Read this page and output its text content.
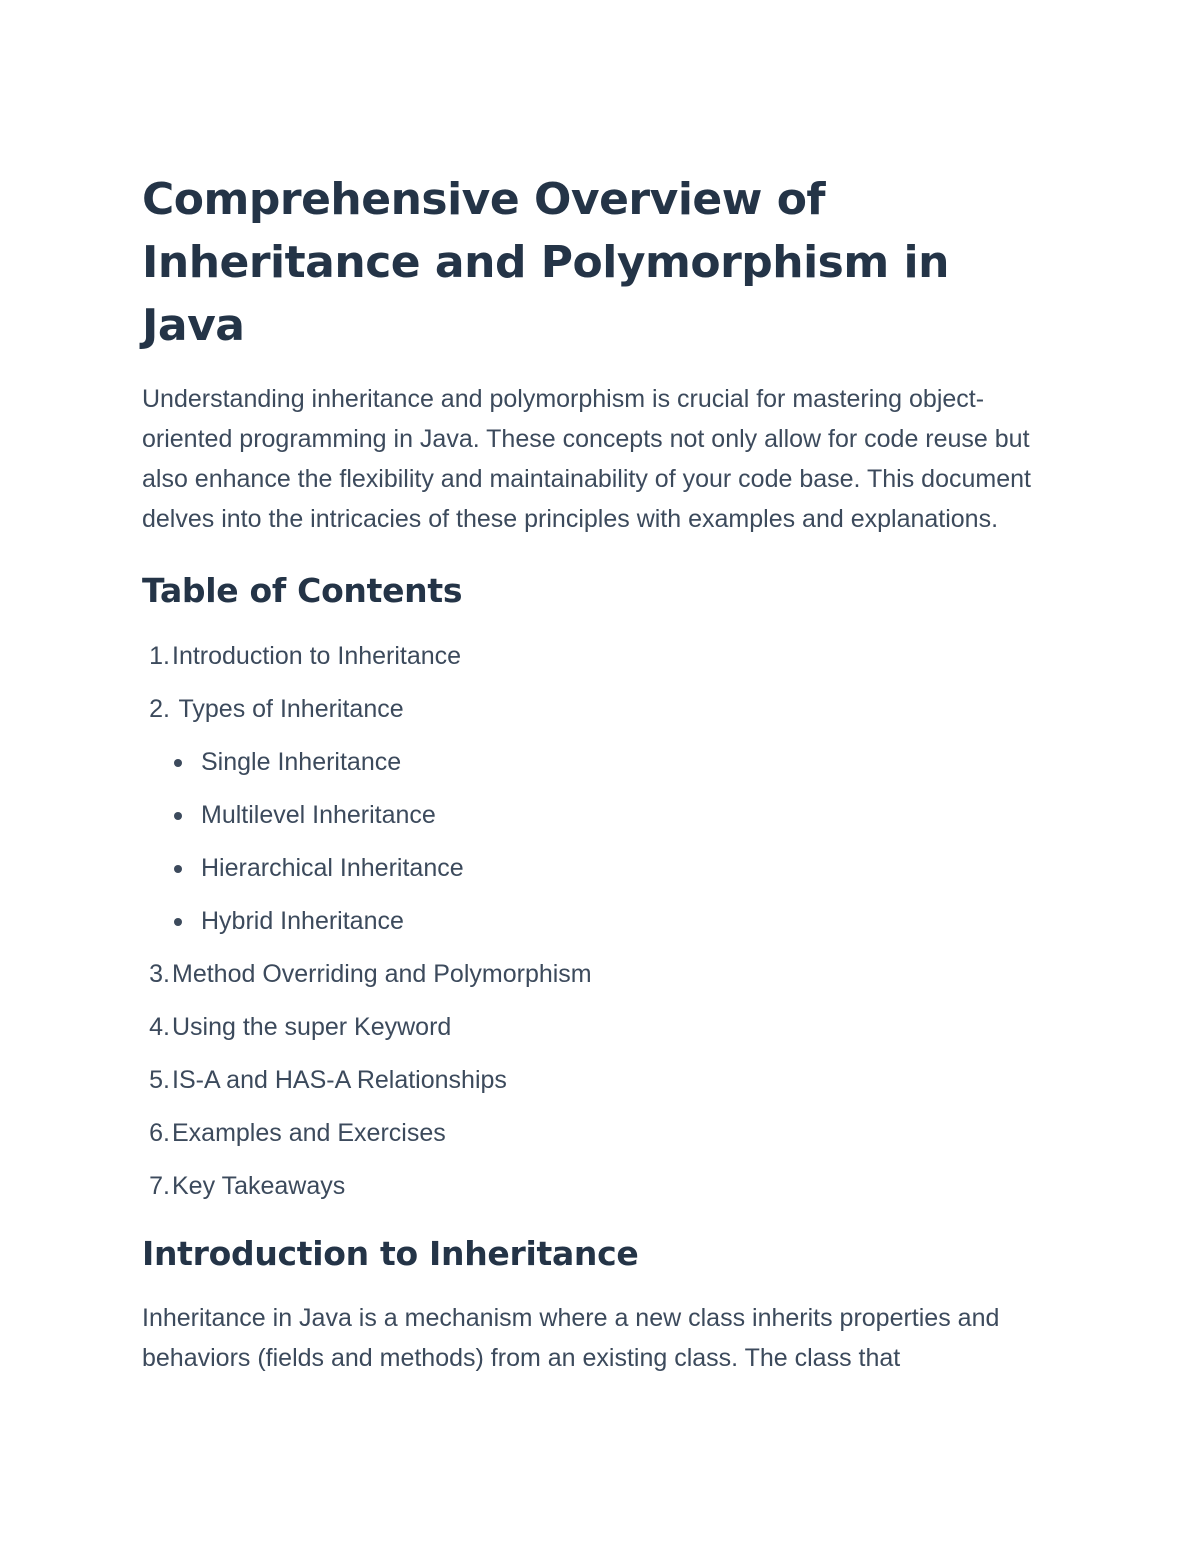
Comprehensive Overview of Inheritance and Polymorphism in Java

Understanding inheritance and polymorphism is crucial for mastering object-oriented programming in Java. These concepts not only allow for code reuse but also enhance the flexibility and maintainability of your code base. This document delves into the intricacies of these principles with examples and explanations.

Table of Contents
1. Introduction to Inheritance
2. Types of Inheritance
Single Inheritance
Multilevel Inheritance
Hierarchical Inheritance
Hybrid Inheritance
3. Method Overriding and Polymorphism
4. Using the super Keyword
5. IS-A and HAS-A Relationships
6. Examples and Exercises
7. Key Takeaways
Introduction to Inheritance

Inheritance in Java is a mechanism where a new class inherits properties and behaviors (fields and methods) from an existing class. The class that
